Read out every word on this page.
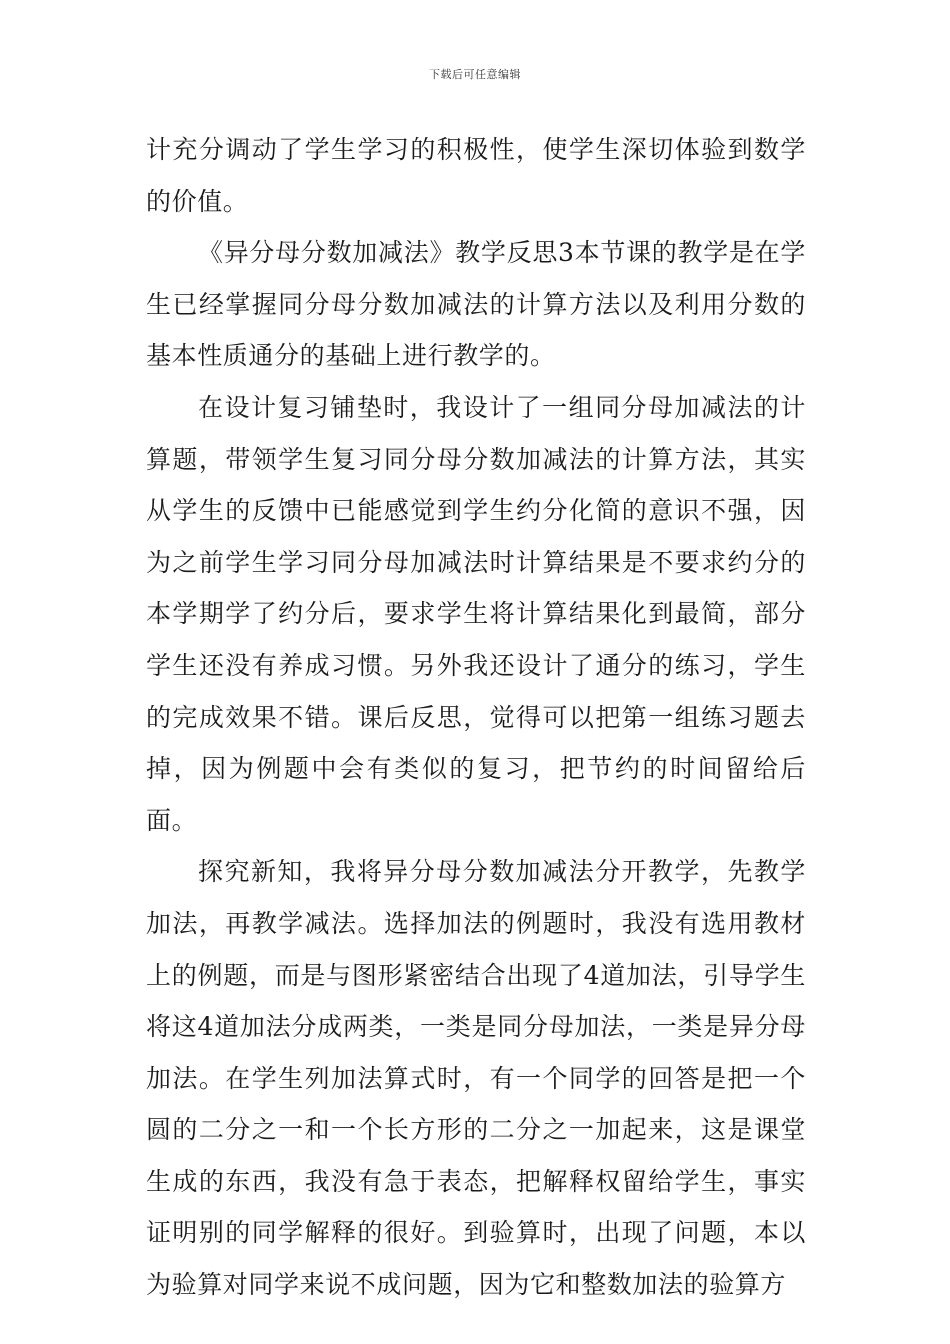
下载后可任意编辑

计充分调动了学生学习的积极性，使学生深切体验到数学的价值。

《异分母分数加减法》教学反思3本节课的教学是在学生已经掌握同分母分数加减法的计算方法以及利用分数的基本性质通分的基础上进行教学的。

在设计复习铺垫时，我设计了一组同分母加减法的计算题，带领学生复习同分母分数加减法的计算方法，其实从学生的反馈中已能感觉到学生约分化简的意识不强，因为之前学生学习同分母加减法时计算结果是不要求约分的本学期学了约分后，要求学生将计算结果化到最简，部分学生还没有养成习惯。另外我还设计了通分的练习，学生的完成效果不错。课后反思，觉得可以把第一组练习题去掉，因为例题中会有类似的复习，把节约的时间留给后面。

探究新知，我将异分母分数加减法分开教学，先教学加法，再教学减法。选择加法的例题时，我没有选用教材上的例题，而是与图形紧密结合出现了4道加法，引导学生将这4道加法分成两类，一类是同分母加法，一类是异分母加法。在学生列加法算式时，有一个同学的回答是把一个圆的二分之一和一个长方形的二分之一加起来，这是课堂生成的东西，我没有急于表态，把解释权留给学生，事实证明别的同学解释的很好。到验算时，出现了问题，本以为验算对同学来说不成问题，因为它和整数加法的验算方
